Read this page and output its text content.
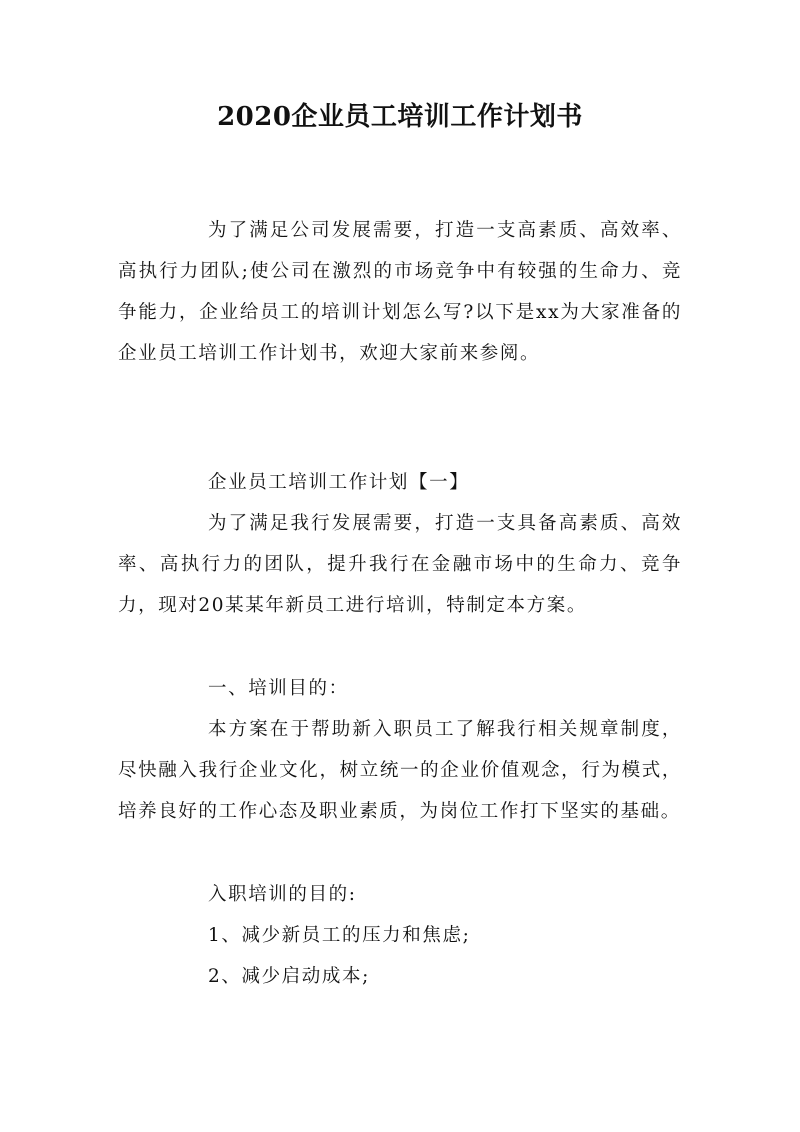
2020企业员工培训工作计划书

为了满足公司发展需要，打造一支高素质、高效率、高执行力团队;使公司在激烈的市场竞争中有较强的生命力、竞争能力，企业给员工的培训计划怎么写?以下是xx为大家准备的企业员工培训工作计划书，欢迎大家前来参阅。

企业员工培训工作计划【一】

为了满足我行发展需要，打造一支具备高素质、高效率、高执行力的团队，提升我行在金融市场中的生命力、竞争力，现对20某某年新员工进行培训，特制定本方案。

一、培训目的：

本方案在于帮助新入职员工了解我行相关规章制度，尽快融入我行企业文化，树立统一的企业价值观念，行为模式，培养良好的工作心态及职业素质，为岗位工作打下坚实的基础。

入职培训的目的:

1、减少新员工的压力和焦虑;

2、减少启动成本;
